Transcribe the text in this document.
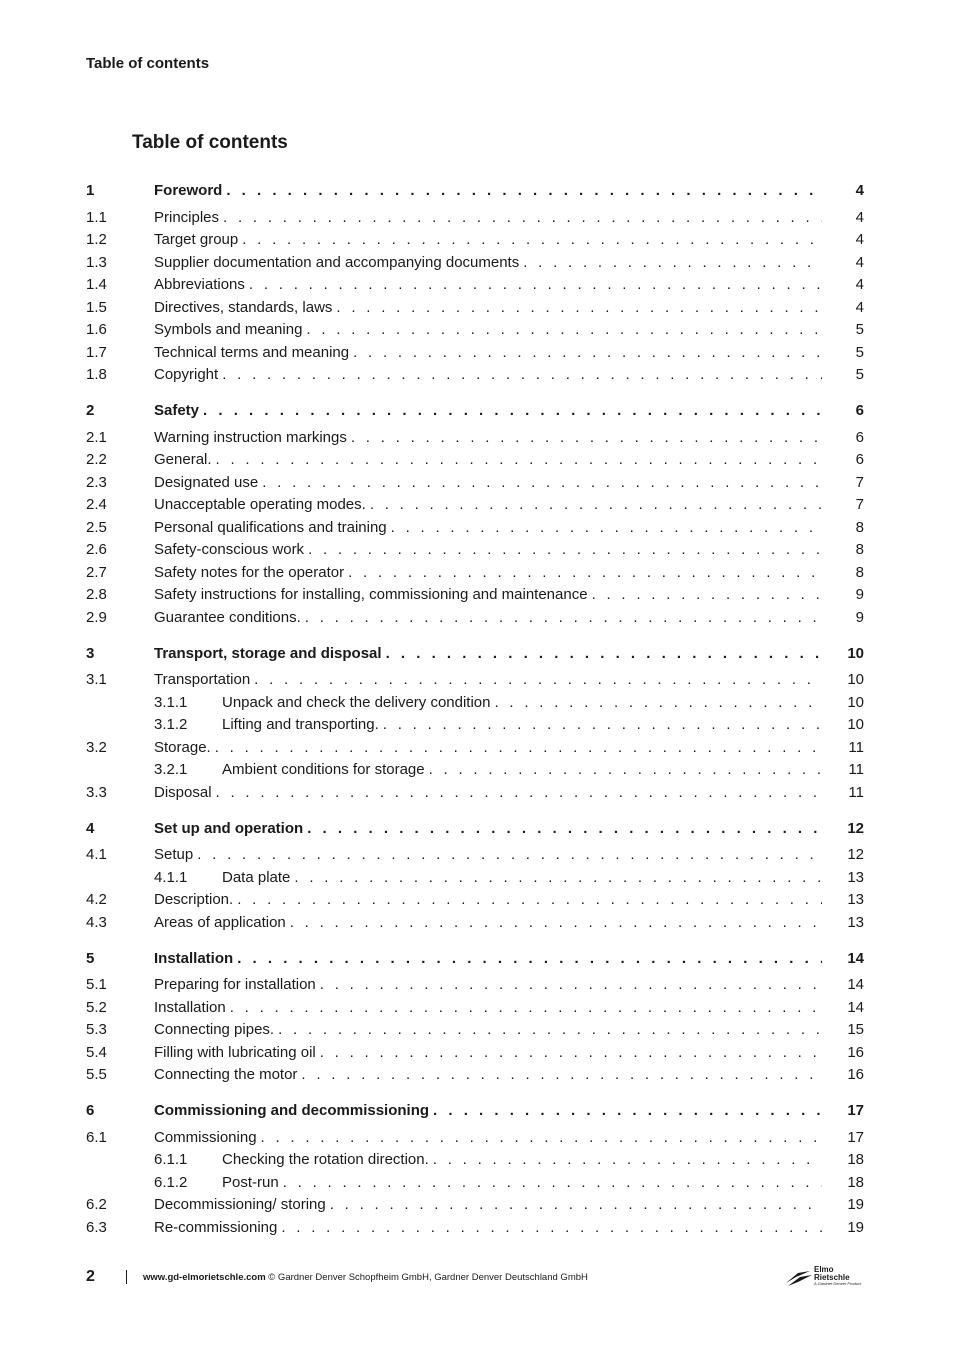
Table of contents
Table of contents
1	Foreword . . .	4
1.1	Principles . . .	4
1.2	Target group . . .	4
1.3	Supplier documentation and accompanying documents . . .	4
1.4	Abbreviations . . .	4
1.5	Directives, standards, laws . . .	4
1.6	Symbols and meaning . . .	5
1.7	Technical terms and meaning . . .	5
1.8	Copyright . . .	5
2	Safety . . .	6
2.1	Warning instruction markings . . .	6
2.2	General. . . .	6
2.3	Designated use . . .	7
2.4	Unacceptable operating modes. . . .	7
2.5	Personal qualifications and training . . .	8
2.6	Safety-conscious work . . .	8
2.7	Safety notes for the operator . . .	8
2.8	Safety instructions for installing, commissioning and maintenance . . .	9
2.9	Guarantee conditions. . . .	9
3	Transport, storage and disposal . . .	10
3.1	Transportation . . .	10
3.1.1	Unpack and check the delivery condition . . .	10
3.1.2	Lifting and transporting. . . .	10
3.2	Storage. . . .	11
3.2.1	Ambient conditions for storage . . .	11
3.3	Disposal . . .	11
4	Set up and operation . . .	12
4.1	Setup . . .	12
4.1.1	Data plate . . .	13
4.2	Description. . . .	13
4.3	Areas of application . . .	13
5	Installation . . .	14
5.1	Preparing for installation . . .	14
5.2	Installation . . .	14
5.3	Connecting pipes. . . .	15
5.4	Filling with lubricating oil . . .	16
5.5	Connecting the motor . . .	16
6	Commissioning and decommissioning . . .	17
6.1	Commissioning . . .	17
6.1.1	Checking the rotation direction. . . .	18
6.1.2	Post-run . . .	18
6.2	Decommissioning/ storing . . .	19
6.3	Re-commissioning . . .	19
2	www.gd-elmorietschle.com © Gardner Denver Schopfheim GmbH, Gardner Denver Deutschland GmbH
Elmo
Rietschle
A Gardner Denver Product
